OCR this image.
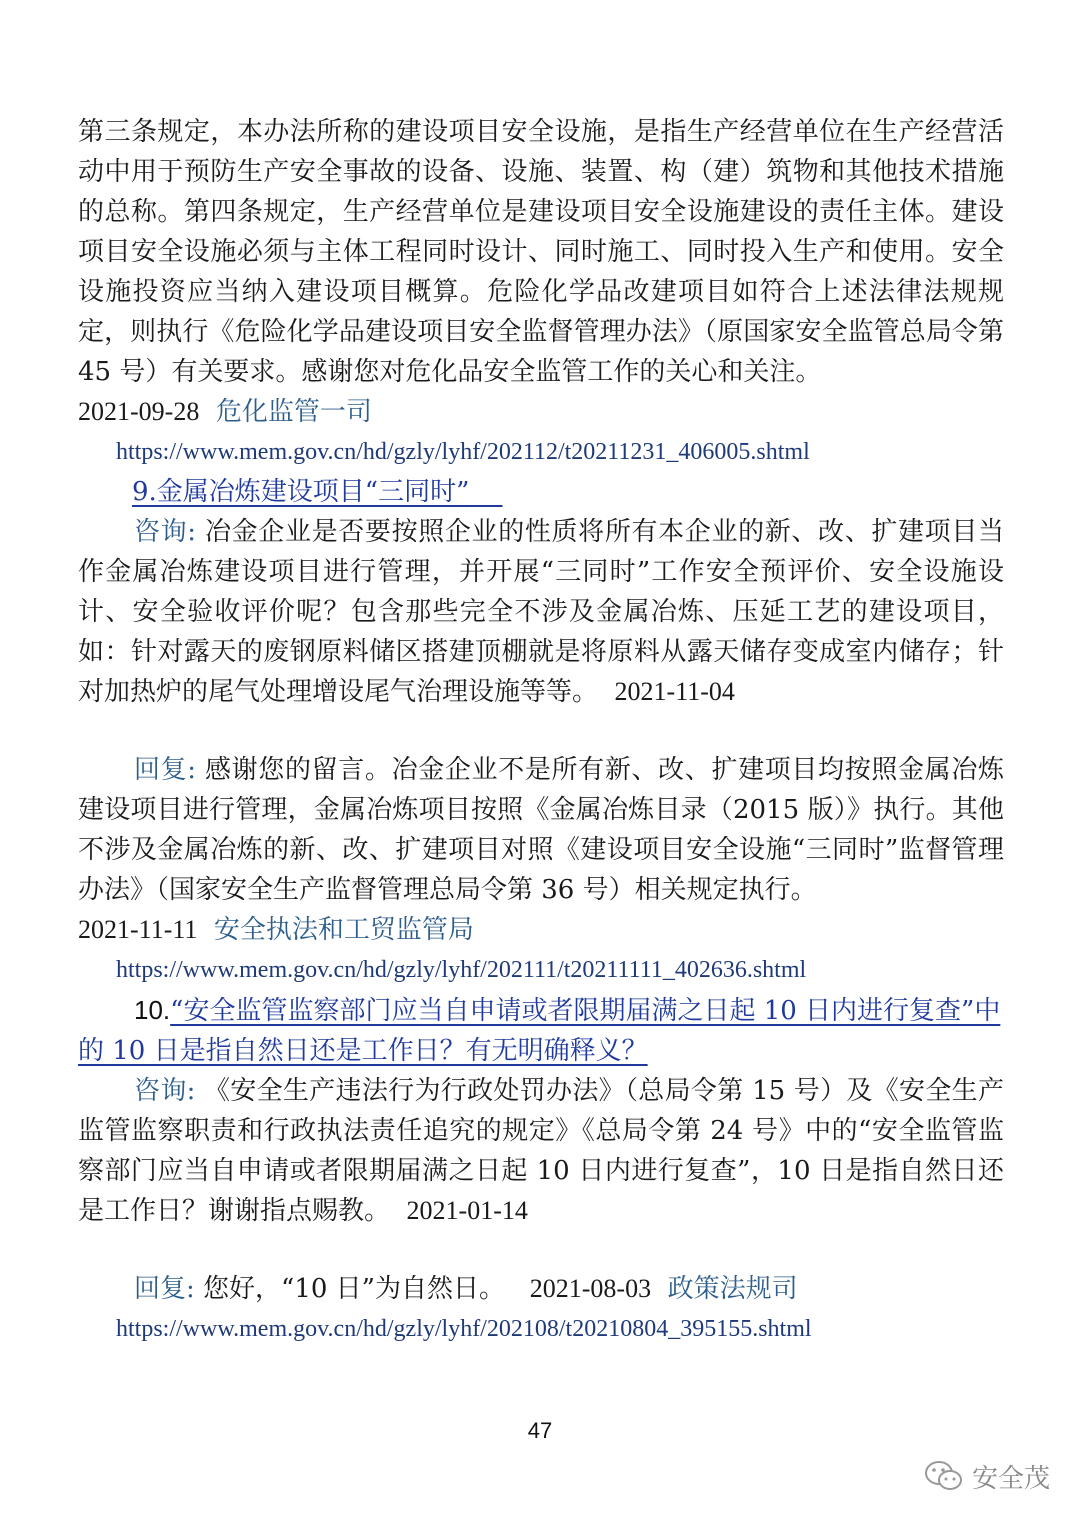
第三条规定，本办法所称的建设项目安全设施，是指生产经营单位在生产经营活动中用于预防生产安全事故的设备、设施、装置、构（建）筑物和其他技术措施的总称。第四条规定，生产经营单位是建设项目安全设施建设的责任主体。建设项目安全设施必须与主体工程同时设计、同时施工、同时投入生产和使用。安全设施投资应当纳入建设项目概算。危险化学品改建项目如符合上述法律法规规定，则执行《危险化学品建设项目安全监督管理办法》（原国家安全监管总局令第 45 号）有关要求。感谢您对危化品安全监管工作的关心和关注。

2021-09-28 危化监管一司

https://www.mem.gov.cn/hd/gzly/lyhf/202112/t20211231_406005.shtml

9.金属冶炼建设项目“三同时”

咨询: 冶金企业是否要按照企业的性质将所有本企业的新、改、扩建项目当作金属冶炼建设项目进行管理，并开展“三同时”工作安全预评价、安全设施设计、安全验收评价呢？包含那些完全不涉及金属冶炼、压延工艺的建设项目，如：针对露天的废钢原料储区搭建顶棚就是将原料从露天储存变成室内储存；针对加热炉的尾气处理增设尾气治理设施等等。 2021-11-04

回复: 感谢您的留言。冶金企业不是所有新、改、扩建项目均按照金属冶炼建设项目进行管理，金属冶炼项目按照《金属冶炼目录（2015 版）》执行。其他不涉及金属冶炼的新、改、扩建项目对照《建设项目安全设施“三同时”监督管理办法》（国家安全生产监督管理总局令第 36 号）相关规定执行。

2021-11-11 安全执法和工贸监管局

https://www.mem.gov.cn/hd/gzly/lyhf/202111/t20211111_402636.shtml

10.“安全监管监察部门应当自申请或者限期届满之日起 10 日内进行复查”中的 10 日是指自然日还是工作日？有无明确释义？

咨询: 《安全生产违法行为行政处罚办法》（总局令第 15 号）及《安全生产监管监察职责和行政执法责任追究的规定》《总局令第 24 号》中的“安全监管监察部门应当自申请或者限期届满之日起 10 日内进行复查”，10 日是指自然日还是工作日？谢谢指点赐教。 2021-01-14

回复: 您好，“10 日”为自然日。 2021-08-03 政策法规司

https://www.mem.gov.cn/hd/gzly/lyhf/202108/t20210804_395155.shtml

47
安全茂
